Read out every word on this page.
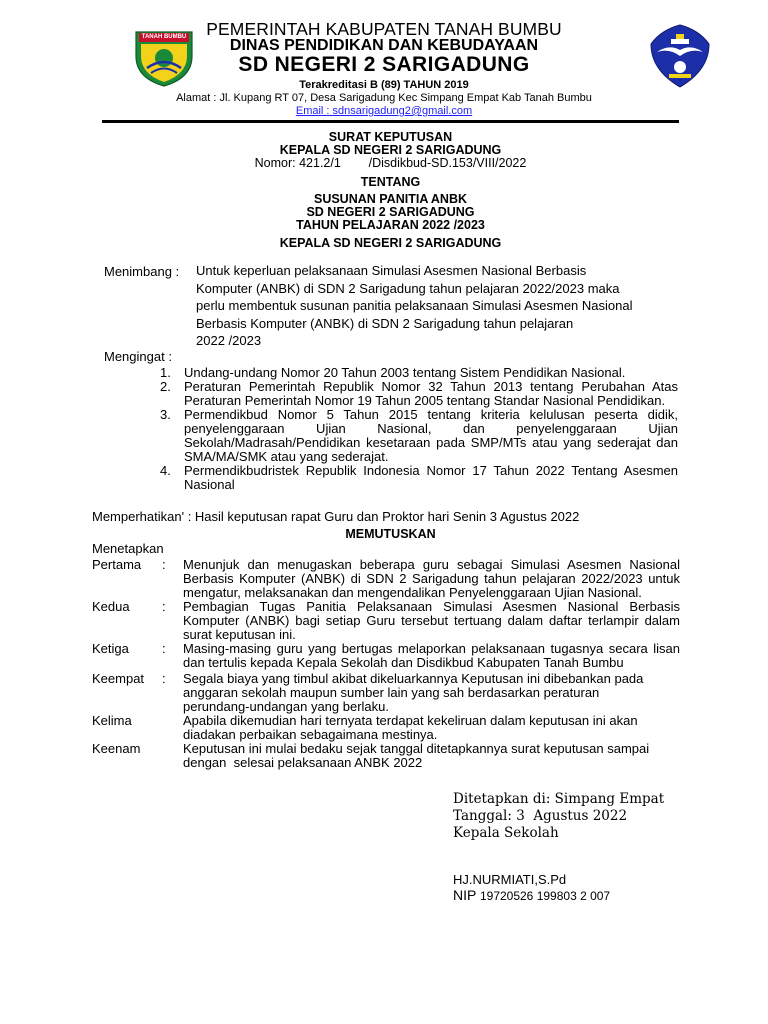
TANAH BUMBU	PEMERINTAH KABUPATEN TANAH BUMBU
DINAS PENDIDIKAN DAN KEBUDAYAAN
SD NEGERI 2 SARIGADUNG
Terakreditasi B (89) TAHUN 2019
Alamat : Jl. Kupang RT 07, Desa Sarigadung Kec Simpang Empat Kab Tanah Bumbu
Email : sdnsarigadung2@gmail.com
SURAT KEPUTUSAN
KEPALA SD NEGERI 2 SARIGADUNG
Nomor: 421.2/1        /Disdikbud-SD.153/VIII/2022
TENTANG
SUSUNAN PANITIA ANBK
SD NEGERI 2 SARIGADUNG
TAHUN PELAJARAN 2022 /2023
KEPALA SD NEGERI 2 SARIGADUNG
Menimbang : Untuk keperluan pelaksanaan Simulasi Asesmen Nasional Berbasis
Komputer (ANBK) di SDN 2 Sarigadung tahun pelajaran 2022/2023 maka
perlu membentuk susunan panitia pelaksanaan Simulasi Asesmen Nasional
Berbasis Komputer (ANBK) di SDN 2 Sarigadung tahun pelajaran
2022 /2023
Mengingat :
1.	Undang-undang Nomor 20 Tahun 2003 tentang Sistem Pendidikan Nasional.
2.	Peraturan Pemerintah Republik Nomor 32 Tahun 2013 tentang Perubahan Atas Peraturan Pemerintah Nomor 19 Tahun 2005 tentang Standar Nasional Pendidikan.
3.	Permendikbud Nomor 5 Tahun 2015 tentang kriteria kelulusan peserta didik, penyelenggaraan Ujian Nasional, dan penyelenggaraan Ujian Sekolah/Madrasah/Pendidikan kesetaraan pada SMP/MTs atau yang sederajat dan SMA/MA/SMK atau yang sederajat.
4.	Permendikbudristek Republik Indonesia Nomor 17 Tahun 2022 Tentang Asesmen Nasional
Memperhatikan' : Hasil keputusan rapat Guru dan Proktor hari Senin 3 Agustus 2022
MEMUTUSKAN
Menetapkan
Pertama	:	Menunjuk dan menugaskan beberapa guru sebagai Simulasi Asesmen Nasional Berbasis Komputer (ANBK) di SDN 2 Sarigadung tahun pelajaran 2022/2023 untuk mengatur, melaksanakan dan mengendalikan Penyelenggaraan Ujian Nasional.
Kedua	:	Pembagian Tugas Panitia Pelaksanaan Simulasi Asesmen Nasional Berbasis Komputer (ANBK) bagi setiap Guru tersebut tertuang dalam daftar terlampir dalam surat keputusan ini.
Ketiga	:	Masing-masing guru yang bertugas melaporkan pelaksanaan tugasnya secara lisan dan tertulis kepada Kepala Sekolah dan Disdikbud Kabupaten Tanah Bumbu
Keempat	:	Segala biaya yang timbul akibat dikeluarkannya Keputusan ini dibebankan pada
anggaran sekolah maupun sumber lain yang sah berdasarkan peraturan
perundang-undangan yang berlaku.
Kelima	Apabila dikemudian hari ternyata terdapat kekeliruan dalam keputusan ini akan
diadakan perbaikan sebagaimana mestinya.
Keenam	Keputusan ini mulai bedaku sejak tanggal ditetapkannya surat keputusan sampai
dengan  selesai pelaksanaan ANBK 2022
Ditetapkan di: Simpang Empat
Tanggal: 3  Agustus 2022
Kepala Sekolah
HJ.NURMIATI,S.Pd
NIP 19720526 199803 2 007
